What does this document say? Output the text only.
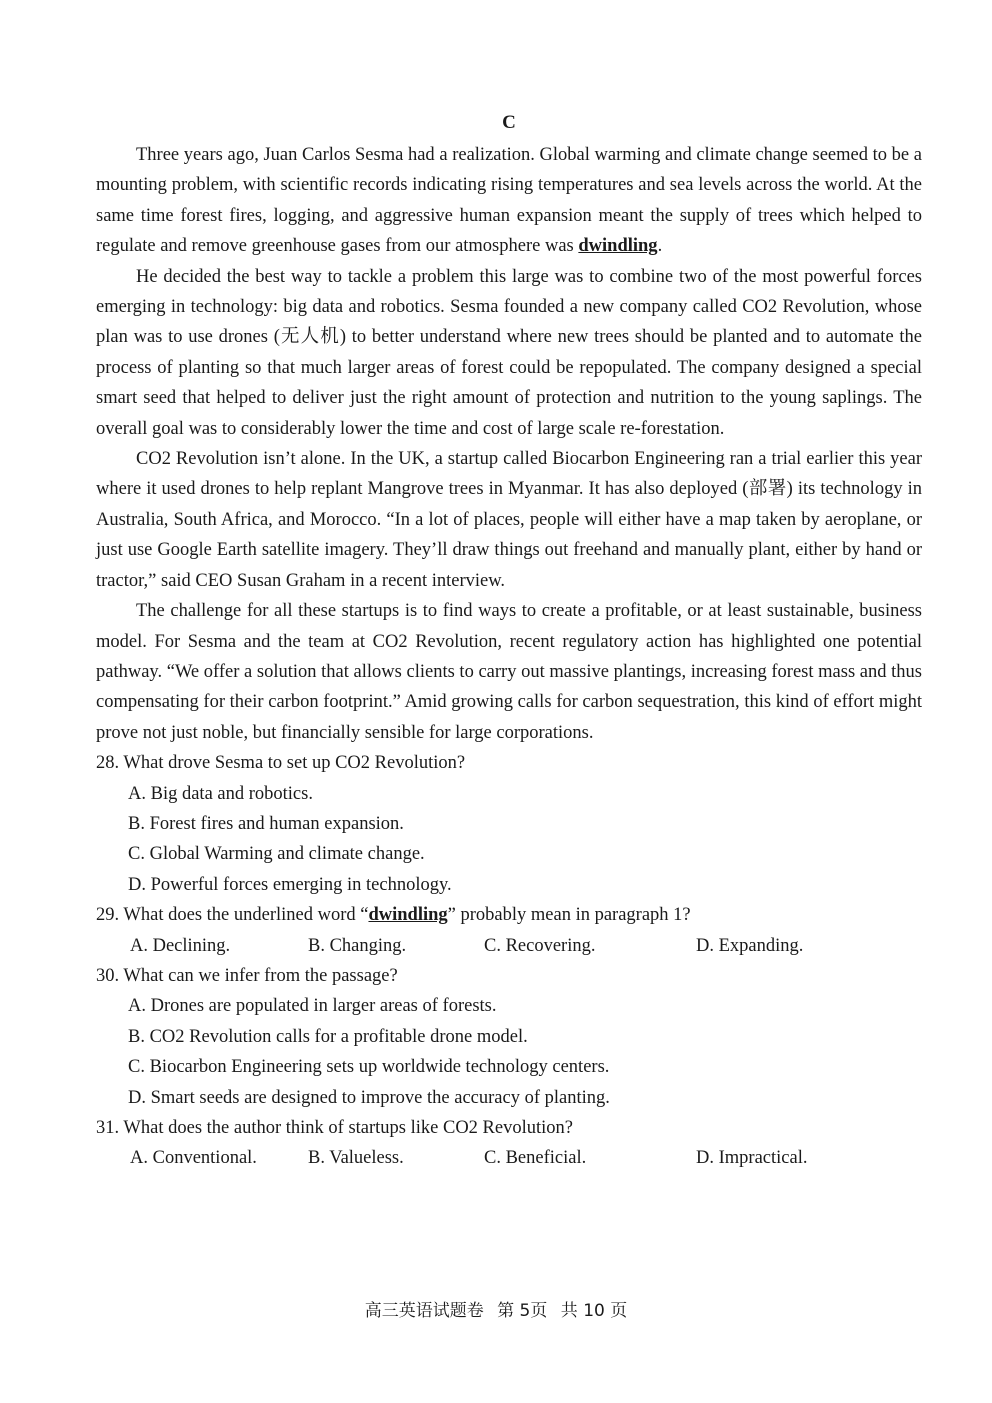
C

Three years ago, Juan Carlos Sesma had a realization. Global warming and climate change seemed to be a mounting problem, with scientific records indicating rising temperatures and sea levels across the world. At the same time forest fires, logging, and aggressive human expansion meant the supply of trees which helped to regulate and remove greenhouse gases from our atmosphere was dwindling.

He decided the best way to tackle a problem this large was to combine two of the most powerful forces emerging in technology: big data and robotics. Sesma founded a new company called CO2 Revolution, whose plan was to use drones (无人机) to better understand where new trees should be planted and to automate the process of planting so that much larger areas of forest could be repopulated. The company designed a special smart seed that helped to deliver just the right amount of protection and nutrition to the young saplings. The overall goal was to considerably lower the time and cost of large scale re-forestation.

CO2 Revolution isn’t alone. In the UK, a startup called Biocarbon Engineering ran a trial earlier this year where it used drones to help replant Mangrove trees in Myanmar. It has also deployed (部署) its technology in Australia, South Africa, and Morocco. “In a lot of places, people will either have a map taken by aeroplane, or just use Google Earth satellite imagery. They’ll draw things out freehand and manually plant, either by hand or tractor,” said CEO Susan Graham in a recent interview.

The challenge for all these startups is to find ways to create a profitable, or at least sustainable, business model. For Sesma and the team at CO2 Revolution, recent regulatory action has highlighted one potential pathway. “We offer a solution that allows clients to carry out massive plantings, increasing forest mass and thus compensating for their carbon footprint.” Amid growing calls for carbon sequestration, this kind of effort might prove not just noble, but financially sensible for large corporations.

28. What drove Sesma to set up CO2 Revolution?

A. Big data and robotics.

B. Forest fires and human expansion.

C. Global Warming and climate change.

D. Powerful forces emerging in technology.

29. What does the underlined word “dwindling” probably mean in paragraph 1?

A. Declining.	B. Changing.	C. Recovering.	D. Expanding.

30. What can we infer from the passage?

A. Drones are populated in larger areas of forests.

B. CO2 Revolution calls for a profitable drone model.

C. Biocarbon Engineering sets up worldwide technology centers.

D. Smart seeds are designed to improve the accuracy of planting.

31. What does the author think of startups like CO2 Revolution?

A. Conventional.	B. Valueless.	C. Beneficial.	D. Impractical.

高三英语试题卷 第 5页 共 10 页
